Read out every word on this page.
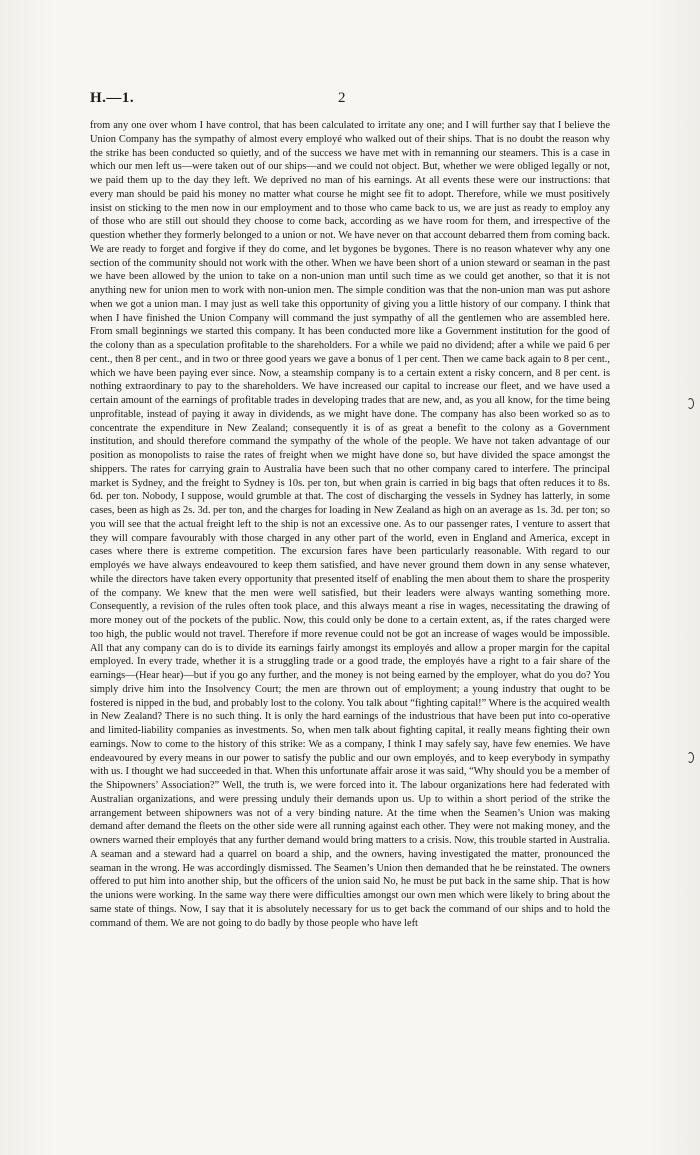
H.—1.	2

from any one over whom I have control, that has been calculated to irritate any one; and I will further say that I believe the Union Company has the sympathy of almost every employé who walked out of their ships. That is no doubt the reason why the strike has been conducted so quietly, and of the success we have met with in remanning our steamers. This is a case in which our men left us—were taken out of our ships—and we could not object. But, whether we were obliged legally or not, we paid them up to the day they left. We deprived no man of his earnings. At all events these were our instructions: that every man should be paid his money no matter what course he might see fit to adopt. Therefore, while we must positively insist on sticking to the men now in our employment and to those who came back to us, we are just as ready to employ any of those who are still out should they choose to come back, according as we have room for them, and irrespective of the question whether they formerly belonged to a union or not. We have never on that account debarred them from coming back. We are ready to forget and forgive if they do come, and let bygones be bygones. There is no reason whatever why any one section of the community should not work with the other. When we have been short of a union steward or seaman in the past we have been allowed by the union to take on a non-union man until such time as we could get another, so that it is not anything new for union men to work with non-union men. The simple condition was that the non-union man was put ashore when we got a union man. I may just as well take this opportunity of giving you a little history of our company. I think that when I have finished the Union Company will command the just sympathy of all the gentlemen who are assembled here. From small beginnings we started this company. It has been conducted more like a Government institution for the good of the colony than as a speculation profitable to the shareholders. For a while we paid no dividend; after a while we paid 6 per cent., then 8 per cent., and in two or three good years we gave a bonus of 1 per cent. Then we came back again to 8 per cent., which we have been paying ever since. Now, a steamship company is to a certain extent a risky concern, and 8 per cent. is nothing extraordinary to pay to the shareholders. We have increased our capital to increase our fleet, and we have used a certain amount of the earnings of profitable trades in developing trades that are new, and, as you all know, for the time being unprofitable, instead of paying it away in dividends, as we might have done. The company has also been worked so as to concentrate the expenditure in New Zealand; consequently it is of as great a benefit to the colony as a Government institution, and should therefore command the sympathy of the whole of the people. We have not taken advantage of our position as monopolists to raise the rates of freight when we might have done so, but have divided the space amongst the shippers. The rates for carrying grain to Australia have been such that no other company cared to interfere. The principal market is Sydney, and the freight to Sydney is 10s. per ton, but when grain is carried in big bags that often reduces it to 8s. 6d. per ton. Nobody, I suppose, would grumble at that. The cost of discharging the vessels in Sydney has latterly, in some cases, been as high as 2s. 3d. per ton, and the charges for loading in New Zealand as high on an average as 1s. 3d. per ton; so you will see that the actual freight left to the ship is not an excessive one. As to our passenger rates, I venture to assert that they will compare favourably with those charged in any other part of the world, even in England and America, except in cases where there is extreme competition. The excursion fares have been particularly reasonable. With regard to our employés we have always endeavoured to keep them satisfied, and have never ground them down in any sense whatever, while the directors have taken every opportunity that presented itself of enabling the men about them to share the prosperity of the company. We knew that the men were well satisfied, but their leaders were always wanting something more. Consequently, a revision of the rules often took place, and this always meant a rise in wages, necessitating the drawing of more money out of the pockets of the public. Now, this could only be done to a certain extent, as, if the rates charged were too high, the public would not travel. Therefore if more revenue could not be got an increase of wages would be impossible. All that any company can do is to divide its earnings fairly amongst its employés and allow a proper margin for the capital employed. In every trade, whether it is a struggling trade or a good trade, the employés have a right to a fair share of the earnings—(Hear hear)—but if you go any further, and the money is not being earned by the employer, what do you do? You simply drive him into the Insolvency Court; the men are thrown out of employment; a young industry that ought to be fostered is nipped in the bud, and probably lost to the colony. You talk about “fighting capital!” Where is the acquired wealth in New Zealand? There is no such thing. It is only the hard earnings of the industrious that have been put into co-operative and limited-liability companies as investments. So, when men talk about fighting capital, it really means fighting their own earnings. Now to come to the history of this strike: We as a company, I think I may safely say, have few enemies. We have endeavoured by every means in our power to satisfy the public and our own employés, and to keep everybody in sympathy with us. I thought we had succeeded in that. When this unfortunate affair arose it was said, “Why should you be a member of the Shipowners’ Association?” Well, the truth is, we were forced into it. The labour organizations here had federated with Australian organizations, and were pressing unduly their demands upon us. Up to within a short period of the strike the arrangement between shipowners was not of a very binding nature. At the time when the Seamen’s Union was making demand after demand the fleets on the other side were all running against each other. They were not making money, and the owners warned their employés that any further demand would bring matters to a crisis. Now, this trouble started in Australia. A seaman and a steward had a quarrel on board a ship, and the owners, having investigated the matter, pronounced the seaman in the wrong. He was accordingly dismissed. The Seamen’s Union then demanded that he be reinstated. The owners offered to put him into another ship, but the officers of the union said No, he must be put back in the same ship. That is how the unions were working. In the same way there were difficulties amongst our own men which were likely to bring about the same state of things. Now, I say that it is absolutely necessary for us to get back the command of our ships and to hold the command of them. We are not going to do badly by those people who have left
